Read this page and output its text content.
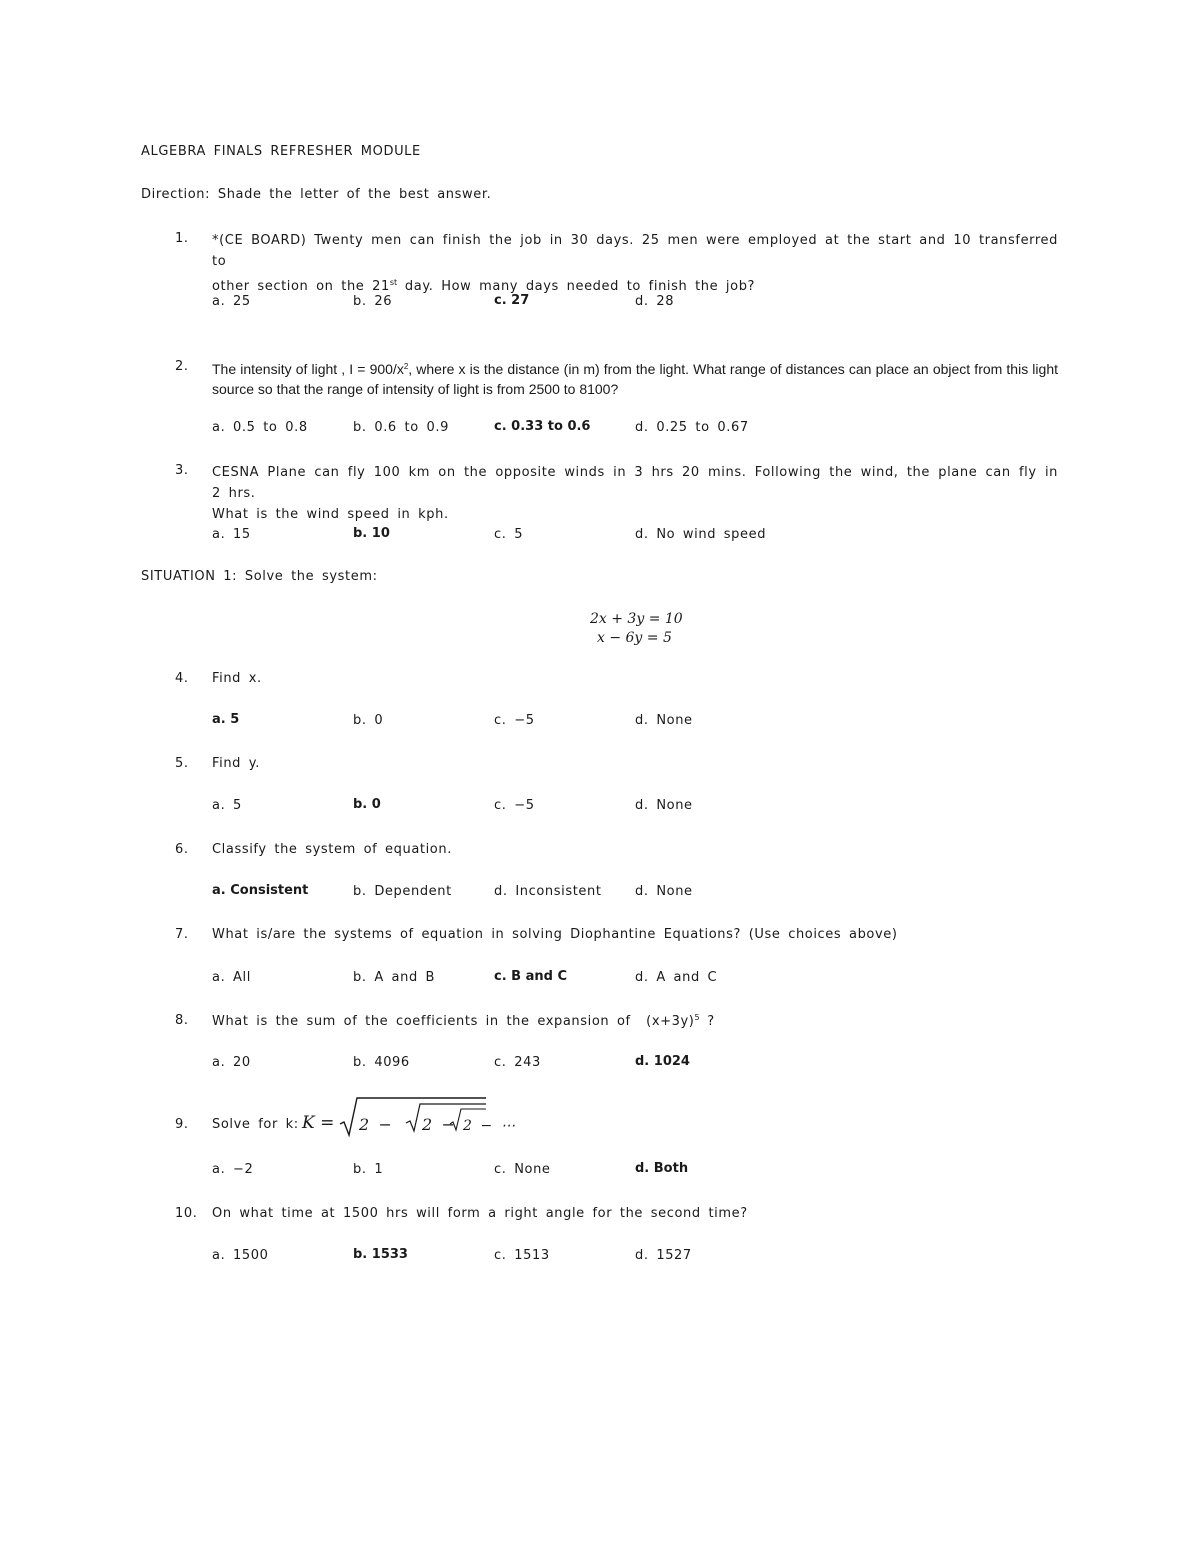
ALGEBRA FINALS REFRESHER MODULE
Direction: Shade the letter of the best answer.
1. *(CE BOARD) Twenty men can finish the job in 30 days. 25 men were employed at the start and 10 transferred to
other section on the 21st day. How many days needed to finish the job?
a. 25	b. 26	c. 27	d. 28
2. The intensity of light , $I = 900/x^2$, where x is the distance (in m) from the light. What range of distances can place an object from this light source so that the range of intensity of light is from 2500 to 8100?
a. 0.5 to 0.8	b. 0.6 to 0.9	c. 0.33 to 0.6	d. 0.25 to 0.67
3. CESNA Plane can fly 100 km on the opposite winds in 3 hrs 20 mins. Following the wind, the plane can fly in 2 hrs.
What is the wind speed in kph.
a. 15	b. 10	c. 5	d. No wind speed
SITUATION 1: Solve the system:
2x + 3y = 10
x − 6y = 5
4. Find x.
a. 5	b. 0	c. −5	d. None
5. Find y.
a. 5	b. 0	c. −5	d. None
6. Classify the system of equation.
a. Consistent	b. Dependent	d. Inconsistent	d. None
7. What is/are the systems of equation in solving Diophantine Equations? (Use choices above)
a. All	b. A and B	c. B and C	d. A and C
8. What is the sum of the coefficients in the expansion of $(x+3y)^5$ ?
a. 20	b. 4096	c. 243	d. 1024
9. Solve for k: K = 2 − 2 − 2 − ⋯
a. −2	b. 1	c. None	d. Both
10. On what time at 1500 hrs will form a right angle for the second time?
a. 1500	b. 1533	c. 1513	d. 1527
